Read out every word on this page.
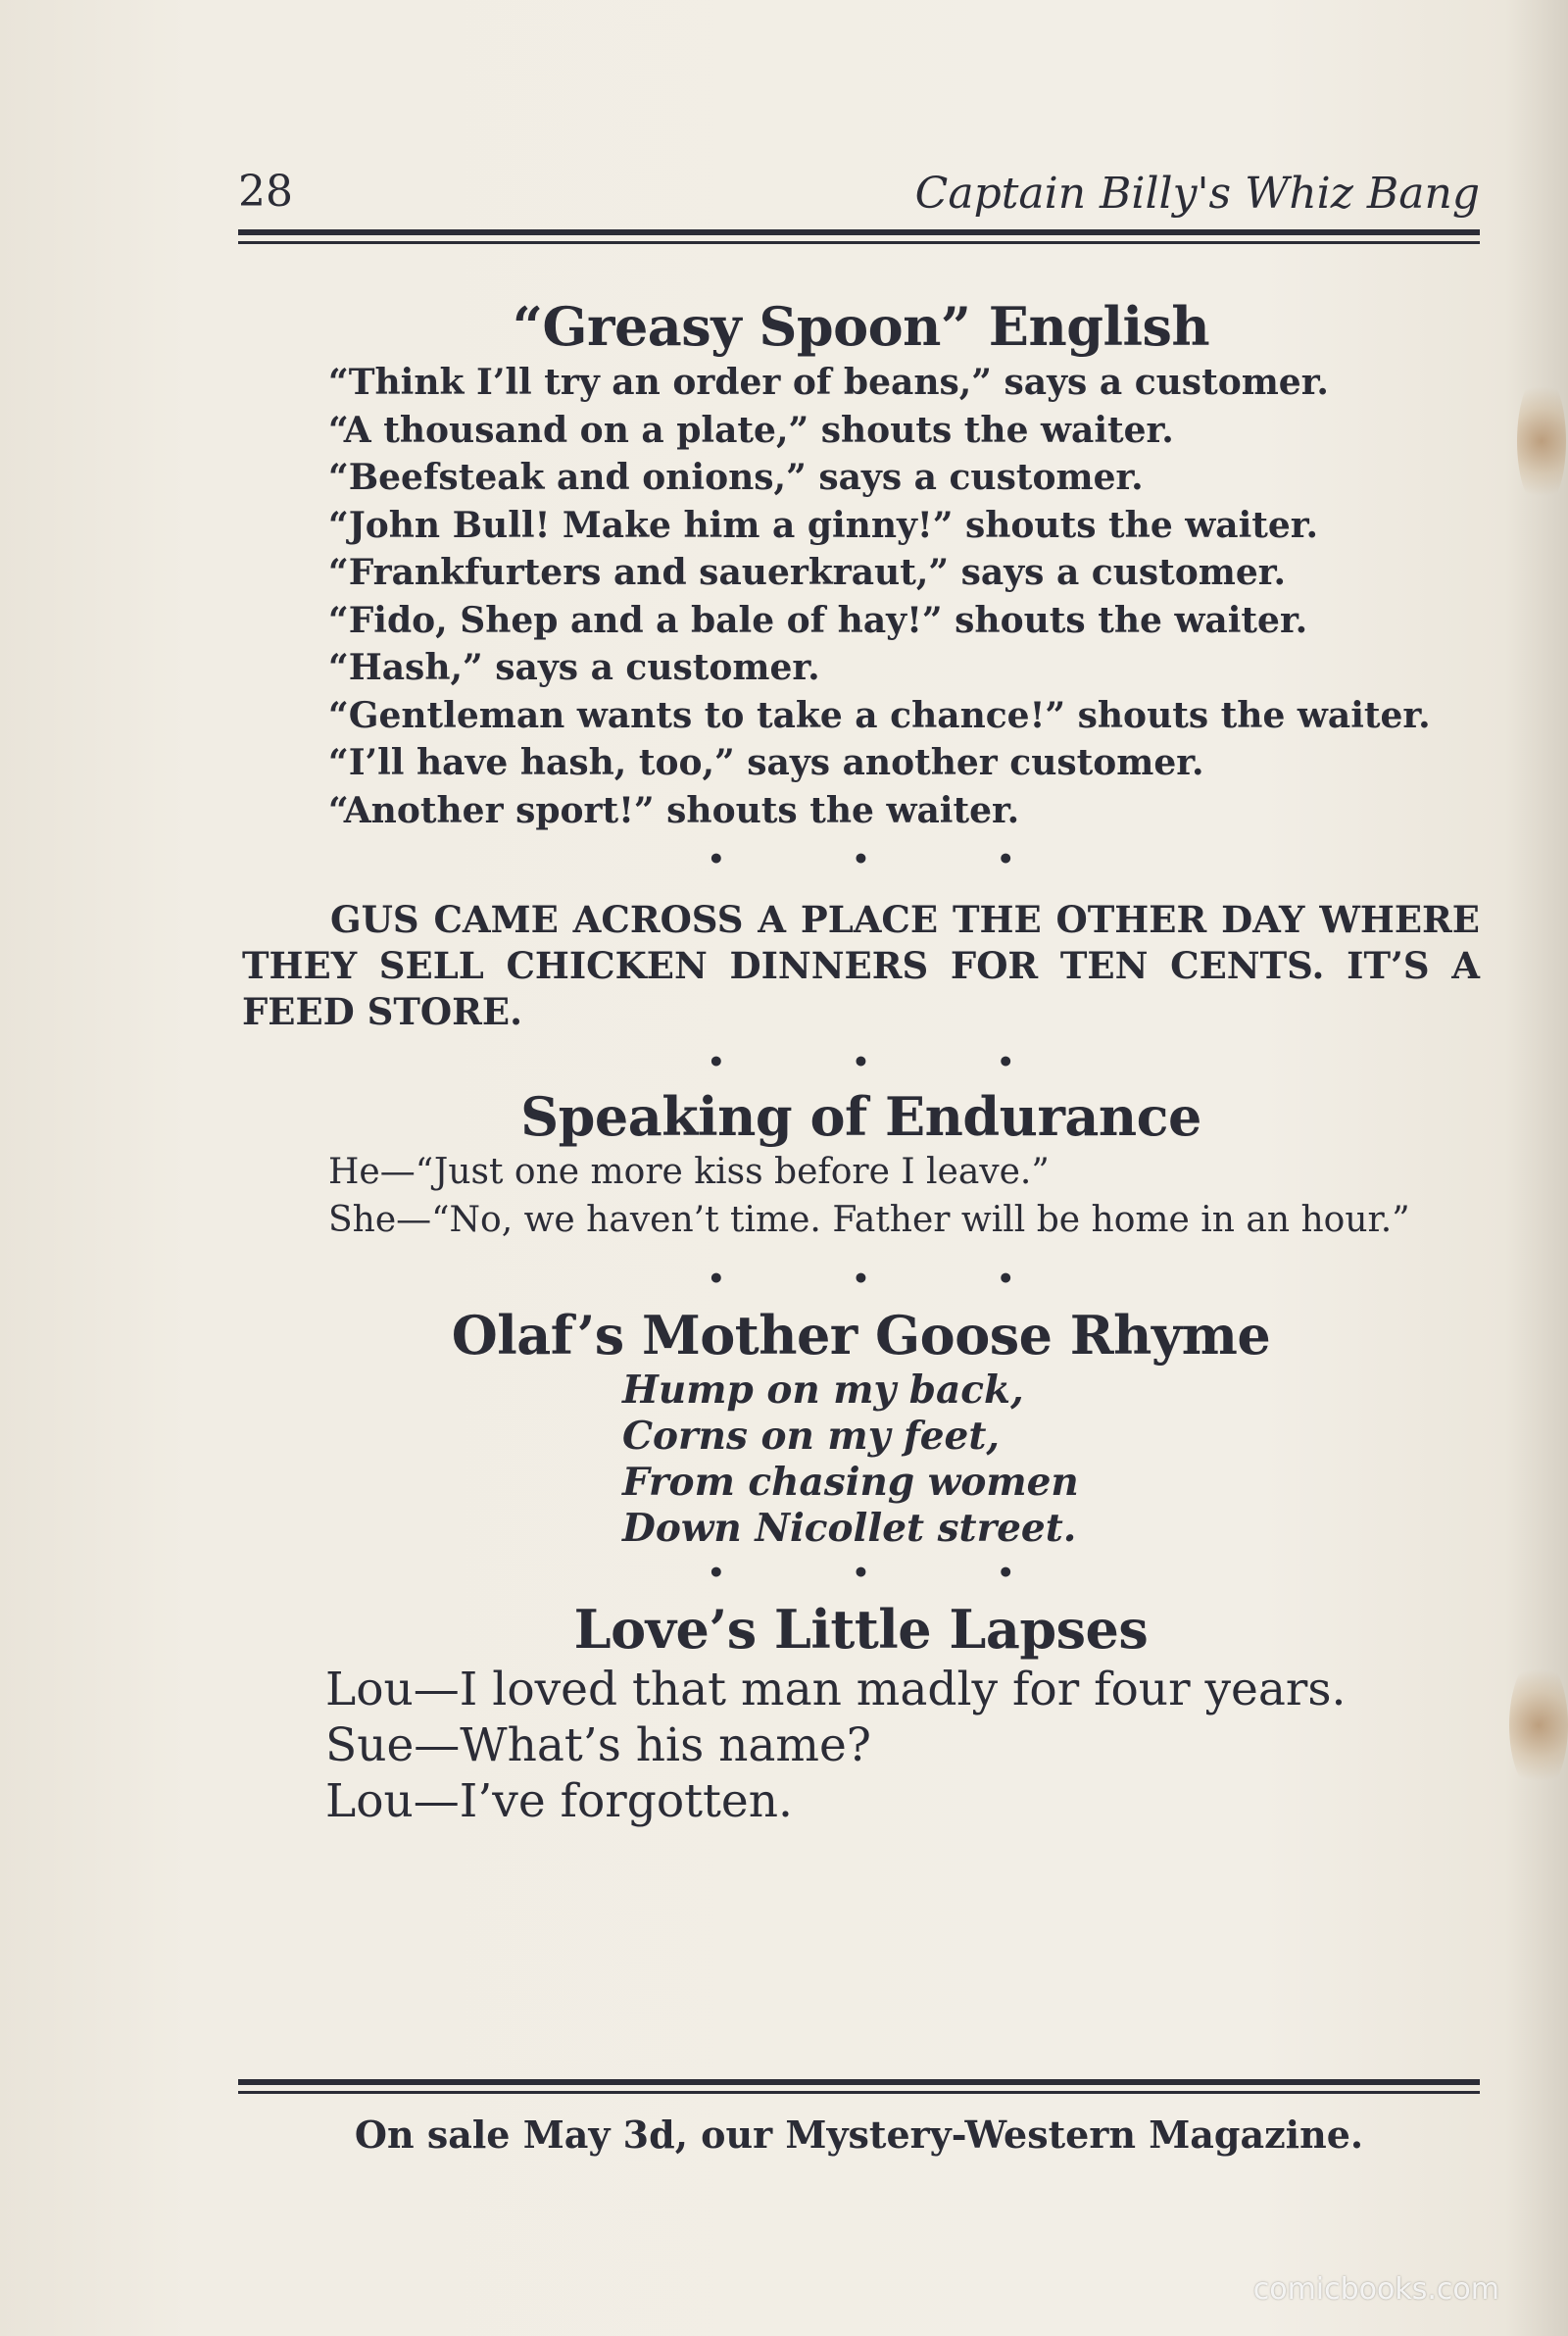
28	Captain Billy's Whiz Bang
“Greasy Spoon” English

“Think I’ll try an order of beans,” says a customer.

“A thousand on a plate,” shouts the waiter.

“Beefsteak and onions,” says a customer.

“John Bull! Make him a ginny!” shouts the waiter.

“Frankfurters and sauerkraut,” says a customer.

“Fido, Shep and a bale of hay!” shouts the waiter.

“Hash,” says a customer.

“Gentleman wants to take a chance!” shouts the waiter.

“I’ll have hash, too,” says another customer.

“Another sport!” shouts the waiter.

• • •

GUS CAME ACROSS A PLACE THE OTHER DAY WHERE THEY SELL CHICKEN DINNERS FOR TEN CENTS. IT’S A FEED STORE.

• • •
Speaking of Endurance

He—“Just one more kiss before I leave.”

She—“No, we haven’t time. Father will be home in an hour.”

• • •
Olaf’s Mother Goose Rhyme

Hump on my back,

Corns on my feet,

From chasing women

Down Nicollet street.

• • •
Love’s Little Lapses

Lou—I loved that man madly for four years.

Sue—What’s his name?

Lou—I’ve forgotten.

On sale May 3d, our Mystery-Western Magazine.
comicbooks.com
